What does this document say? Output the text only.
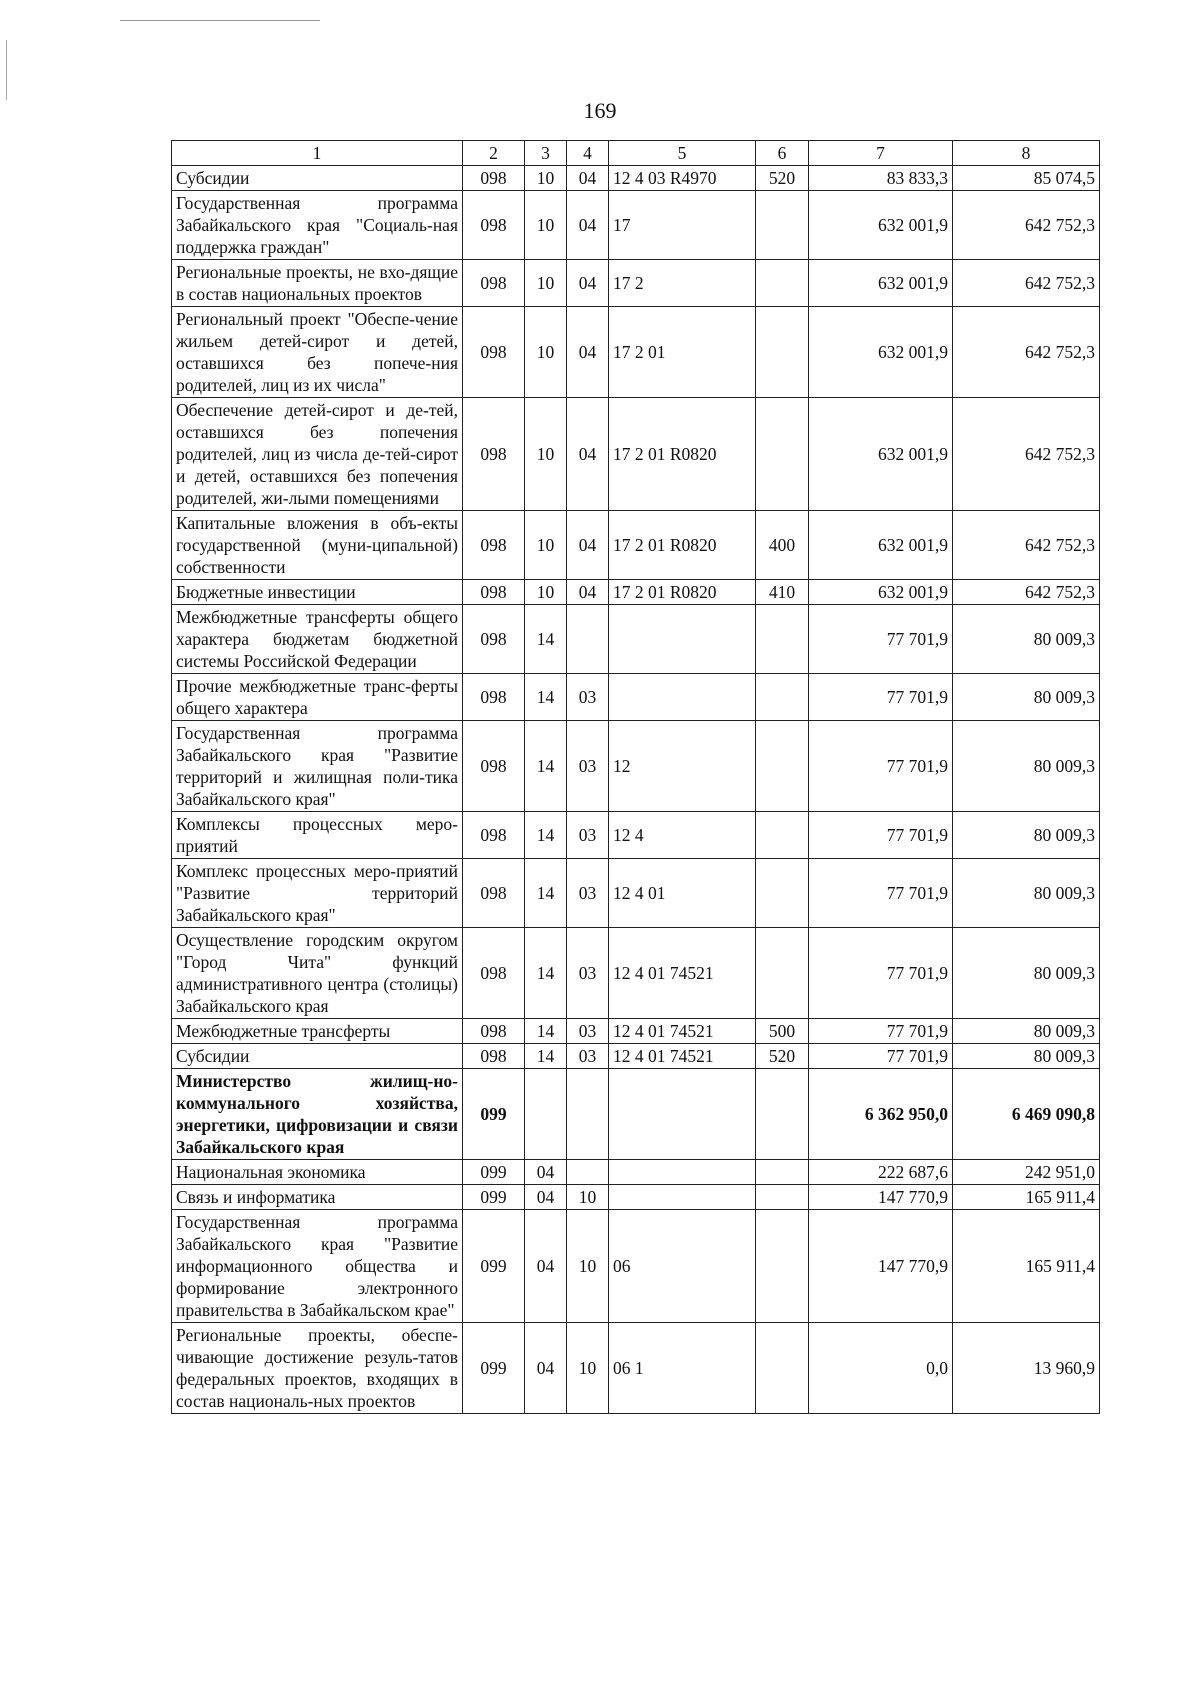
169
1	2	3	4	5	6	7	8
Субсидии	098	10	04	12 4 03 R4970	520	83 833,3	85 074,5
Государственная программа Забайкальского края "Социаль-ная поддержка граждан"	098	10	04	17		632 001,9	642 752,3
Региональные проекты, не вхо-дящие в состав национальных проектов	098	10	04	17 2		632 001,9	642 752,3
Региональный проект "Обеспе-чение жильем детей-сирот и детей, оставшихся без попече-ния родителей, лиц из их числа"	098	10	04	17 2 01		632 001,9	642 752,3
Обеспечение детей-сирот и де-тей, оставшихся без попечения родителей, лиц из числа де-тей-сирот и детей, оставшихся без попечения родителей, жи-лыми помещениями	098	10	04	17 2 01 R0820		632 001,9	642 752,3
Капитальные вложения в объ-екты государственной (муни-ципальной) собственности	098	10	04	17 2 01 R0820	400	632 001,9	642 752,3
Бюджетные инвестиции	098	10	04	17 2 01 R0820	410	632 001,9	642 752,3
Межбюджетные трансферты общего характера бюджетам бюджетной системы Российской Федерации	098	14				77 701,9	80 009,3
Прочие межбюджетные транс-ферты общего характера	098	14	03			77 701,9	80 009,3
Государственная программа Забайкальского края "Развитие территорий и жилищная поли-тика Забайкальского края"	098	14	03	12		77 701,9	80 009,3
Комплексы процессных меро-приятий	098	14	03	12 4		77 701,9	80 009,3
Комплекс процессных меро-приятий "Развитие территорий Забайкальского края"	098	14	03	12 4 01		77 701,9	80 009,3
Осуществление городским округом "Город Чита" функций административного центра (столицы) Забайкальского края	098	14	03	12 4 01 74521		77 701,9	80 009,3
Межбюджетные трансферты	098	14	03	12 4 01 74521	500	77 701,9	80 009,3
Субсидии	098	14	03	12 4 01 74521	520	77 701,9	80 009,3
Министерство жилищ-но-коммунального хозяйства, энергетики, цифровизации и связи Забайкальского края	099					6 362 950,0	6 469 090,8
Национальная экономика	099	04				222 687,6	242 951,0
Связь и информатика	099	04	10			147 770,9	165 911,4
Государственная программа Забайкальского края "Развитие информационного общества и формирование электронного правительства в Забайкальском крае"	099	04	10	06		147 770,9	165 911,4
Региональные проекты, обеспе-чивающие достижение резуль-татов федеральных проектов, входящих в состав националь-ных проектов	099	04	10	06 1		0,0	13 960,9
